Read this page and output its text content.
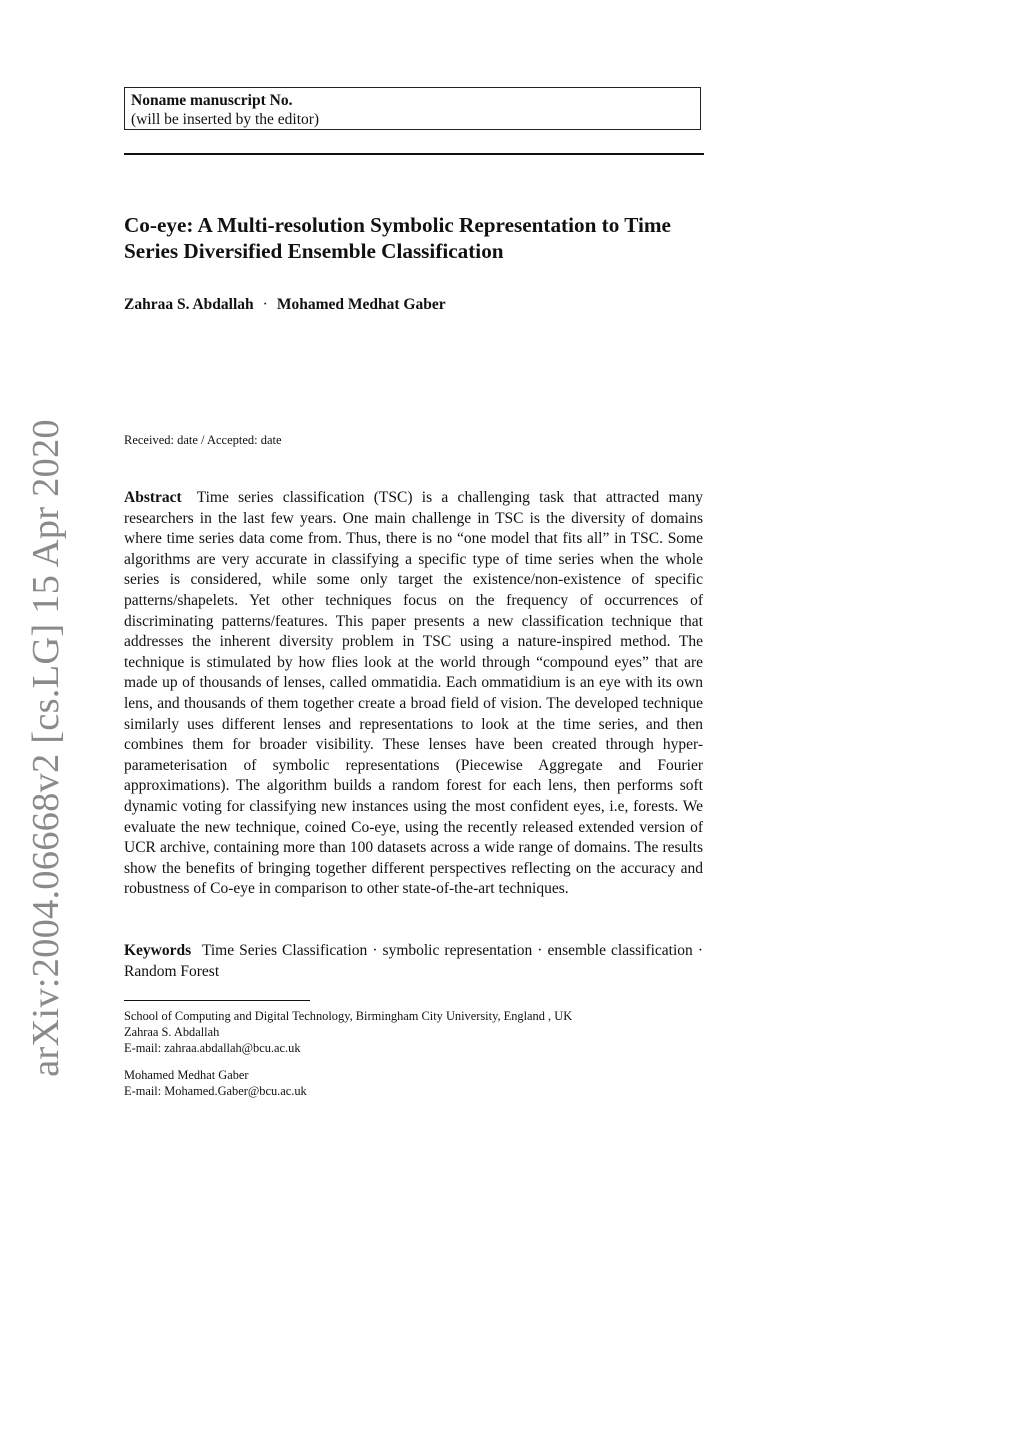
arXiv:2004.06668v2 [cs.LG] 15 Apr 2020
Noname manuscript No.
(will be inserted by the editor)
Co-eye: A Multi-resolution Symbolic Representation to Time Series Diversified Ensemble Classification
Zahraa S. Abdallah · Mohamed Medhat Gaber
Received: date / Accepted: date

Abstract Time series classification (TSC) is a challenging task that attracted many researchers in the last few years. One main challenge in TSC is the diversity of domains where time series data come from. Thus, there is no “one model that fits all” in TSC. Some algorithms are very accurate in classifying a specific type of time series when the whole series is considered, while some only target the existence/non-existence of specific patterns/shapelets. Yet other techniques focus on the frequency of occurrences of discriminating patterns/features. This paper presents a new classification technique that addresses the inherent diversity problem in TSC using a nature-inspired method. The technique is stimulated by how flies look at the world through “compound eyes” that are made up of thousands of lenses, called ommatidia. Each ommatidium is an eye with its own lens, and thousands of them together create a broad field of vision. The developed technique similarly uses different lenses and representations to look at the time series, and then combines them for broader visibility. These lenses have been created through hyper-parameterisation of symbolic representations (Piecewise Aggregate and Fourier approximations). The algorithm builds a random forest for each lens, then performs soft dynamic voting for classifying new instances using the most confident eyes, i.e, forests. We evaluate the new technique, coined Co-eye, using the recently released extended version of UCR archive, containing more than 100 datasets across a wide range of domains. The results show the benefits of bringing together different perspectives reflecting on the accuracy and robustness of Co-eye in comparison to other state-of-the-art techniques.

Keywords Time Series Classification · symbolic representation · ensemble classification · Random Forest

School of Computing and Digital Technology, Birmingham City University, England , UK
Zahraa S. Abdallah
E-mail: zahraa.abdallah@bcu.ac.uk
Mohamed Medhat Gaber
E-mail: Mohamed.Gaber@bcu.ac.uk
